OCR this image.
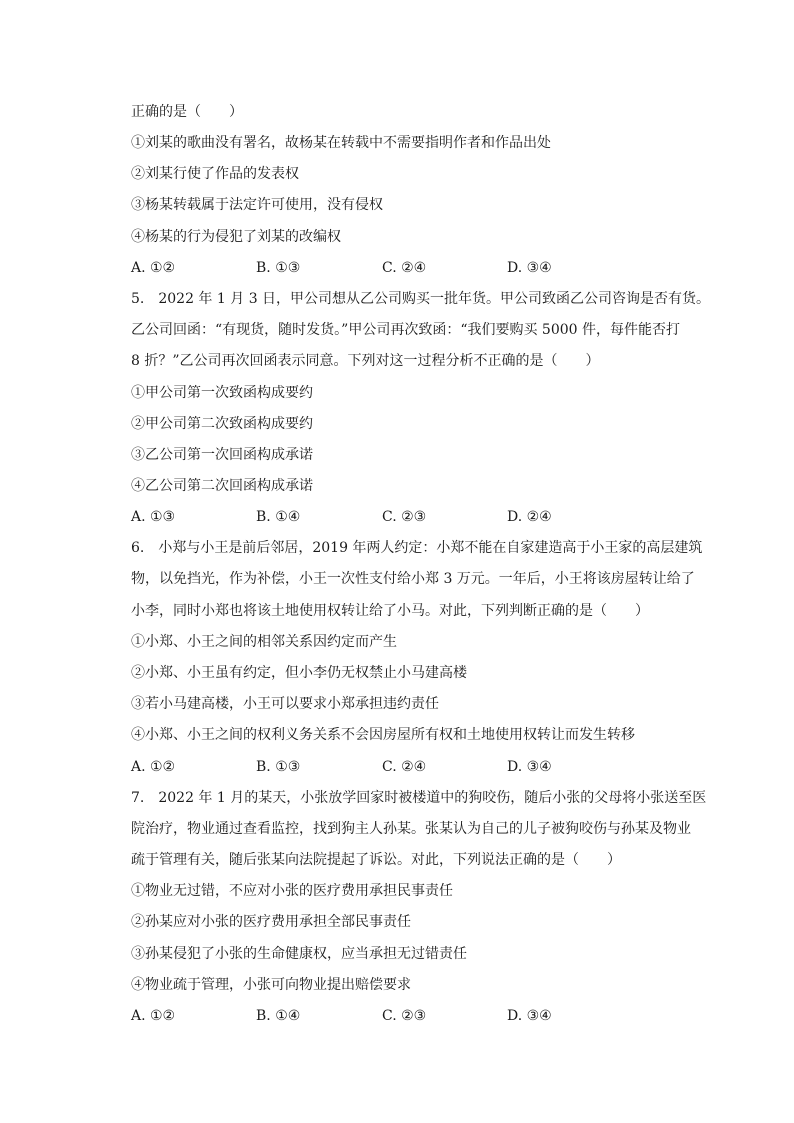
正确的是（　　）
①刘某的歌曲没有署名，故杨某在转载中不需要指明作者和作品出处
②刘某行使了作品的发表权
③杨某转载属于法定许可使用，没有侵权
④杨某的行为侵犯了刘某的改编权
A. ①②	B. ①③	C. ②④	D. ③④
5.　2022 年 1 月 3 日，甲公司想从乙公司购买一批年货。甲公司致函乙公司咨询是否有货。
乙公司回函：“有现货，随时发货。”甲公司再次致函：“我们要购买 5000 件，每件能否打
8 折？”乙公司再次回函表示同意。下列对这一过程分析不正确的是（　　）
①甲公司第一次致函构成要约
②甲公司第二次致函构成要约
③乙公司第一次回函构成承诺
④乙公司第二次回函构成承诺
A. ①③	B. ①④	C. ②③	D. ②④
6.　小郑与小王是前后邻居，2019 年两人约定：小郑不能在自家建造高于小王家的高层建筑
物，以免挡光，作为补偿，小王一次性支付给小郑 3 万元。一年后，小王将该房屋转让给了
小李，同时小郑也将该土地使用权转让给了小马。对此，下列判断正确的是（　　）
①小郑、小王之间的相邻关系因约定而产生
②小郑、小王虽有约定，但小李仍无权禁止小马建高楼
③若小马建高楼，小王可以要求小郑承担违约责任
④小郑、小王之间的权利义务关系不会因房屋所有权和土地使用权转让而发生转移
A. ①②	B. ①③	C. ②④	D. ③④
7.　2022 年 1 月的某天，小张放学回家时被楼道中的狗咬伤，随后小张的父母将小张送至医
院治疗，物业通过查看监控，找到狗主人孙某。张某认为自己的儿子被狗咬伤与孙某及物业
疏于管理有关，随后张某向法院提起了诉讼。对此，下列说法正确的是（　　）
①物业无过错，不应对小张的医疗费用承担民事责任
②孙某应对小张的医疗费用承担全部民事责任
③孙某侵犯了小张的生命健康权，应当承担无过错责任
④物业疏于管理，小张可向物业提出赔偿要求
A. ①②	B. ①④	C. ②③	D. ③④
